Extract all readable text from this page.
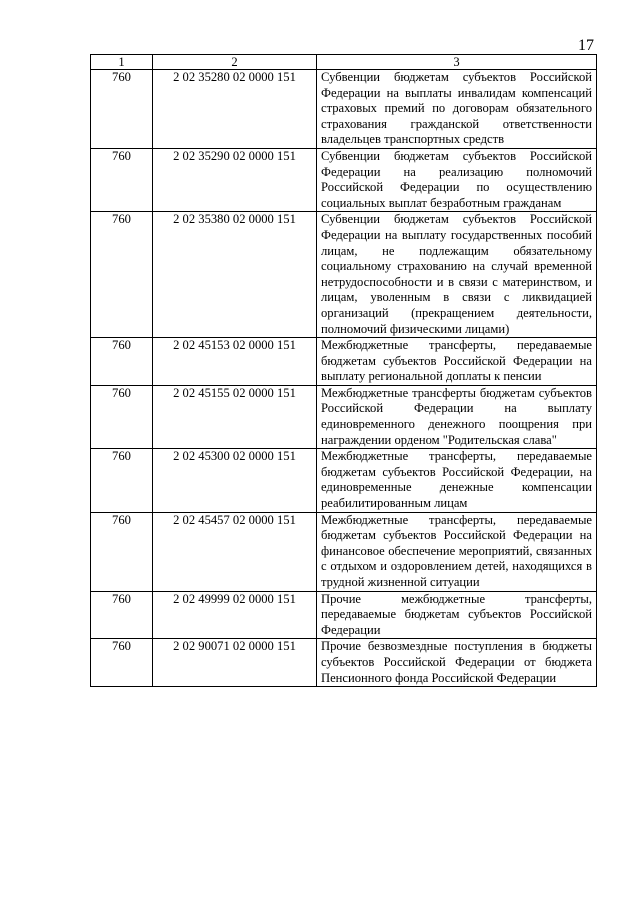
17
1	2	3
760	2 02 35280 02 0000 151	Субвенции бюджетам субъектов Российской Федерации на выплаты инвалидам компенсаций страховых премий по договорам обязательного страхования гражданской ответственности владельцев транспортных средств
760	2 02 35290 02 0000 151	Субвенции бюджетам субъектов Российской Федерации на реализацию полномочий Российской Федерации по осуществлению социальных выплат безработным гражданам
760	2 02 35380 02 0000 151	Субвенции бюджетам субъектов Российской Федерации на выплату государственных пособий лицам, не подлежащим обязательному социальному страхованию на случай временной нетрудоспособности и в связи с материнством, и лицам, уволенным в связи с ликвидацией организаций (прекращением деятельности, полномочий физическими лицами)
760	2 02 45153 02 0000 151	Межбюджетные трансферты, передаваемые бюджетам субъектов Российской Федерации на выплату региональной доплаты к пенсии
760	2 02 45155 02 0000 151	Межбюджетные трансферты бюджетам субъектов Российской Федерации на выплату единовременного денежного поощрения при награждении орденом "Родительская слава"
760	2 02 45300 02 0000 151	Межбюджетные трансферты, передаваемые бюджетам субъектов Российской Федерации, на единовременные денежные компенсации реабилитированным лицам
760	2 02 45457 02 0000 151	Межбюджетные трансферты, передаваемые бюджетам субъектов Российской Федерации на финансовое обеспечение мероприятий, связанных с отдыхом и оздоровлением детей, находящихся в трудной жизненной ситуации
760	2 02 49999 02 0000 151	Прочие межбюджетные трансферты, передаваемые бюджетам субъектов Российской Федерации
760	2 02 90071 02 0000 151	Прочие безвозмездные поступления в бюджеты субъектов Российской Федерации от бюджета Пенсионного фонда Российской Федерации
